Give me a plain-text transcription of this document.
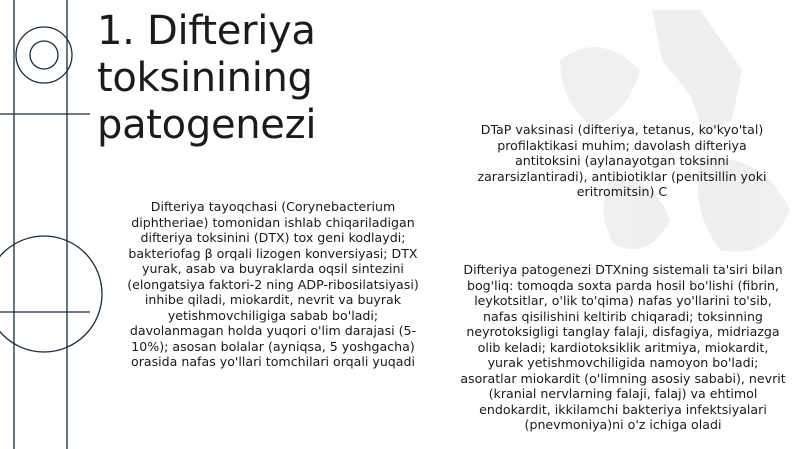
1. Difteriya toksinining
patogenezi

Difteriya tayoqchasi (Corynebacterium diphtheriae) tomonidan ishlab chiqariladigan difteriya toksinini (DTX) tox geni kodlaydi; bakteriofag β orqali lizogen konversiyasi; DTX yurak, asab va buyraklarda oqsil sintezini (elongatsiya faktori-2 ning ADP-ribosilatsiyasi) inhibe qiladi, miokardit, nevrit va buyrak yetishmovchiligiga sabab bo'ladi; davolanmagan holda yuqori o'lim darajasi (5-10%); asosan bolalar (ayniqsa, 5 yoshgacha) orasida nafas yo'llari tomchilari orqali yuqadi

DTaP vaksinasi (difteriya, tetanus, ko'kyo'tal) profilaktikasi muhim; davolash difteriya antitoksini (aylanayotgan toksinni zararsizlantiradi), antibiotiklar (penitsillin yoki eritromitsin) C

Difteriya patogenezi DTXning sistemali ta'siri bilan bog'liq: tomoqda soxta parda hosil bo'lishi (fibrin, leykotsitlar, o'lik to'qima) nafas yo'llarini to'sib, nafas qisilishini keltirib chiqaradi; toksinning neyrotoksigligi tanglay falaji, disfagiya, midriazga olib keladi; kardiotoksiklik aritmiya, miokardit, yurak yetishmovchiligida namoyon bo'ladi; asoratlar miokardit (o'limning asosiy sababi), nevrit (kranial nervlarning falaji, falaj) va ehtimol endokardit, ikkilamchi bakteriya infektsiyalari (pnevmoniya)ni o'z ichiga oladi
